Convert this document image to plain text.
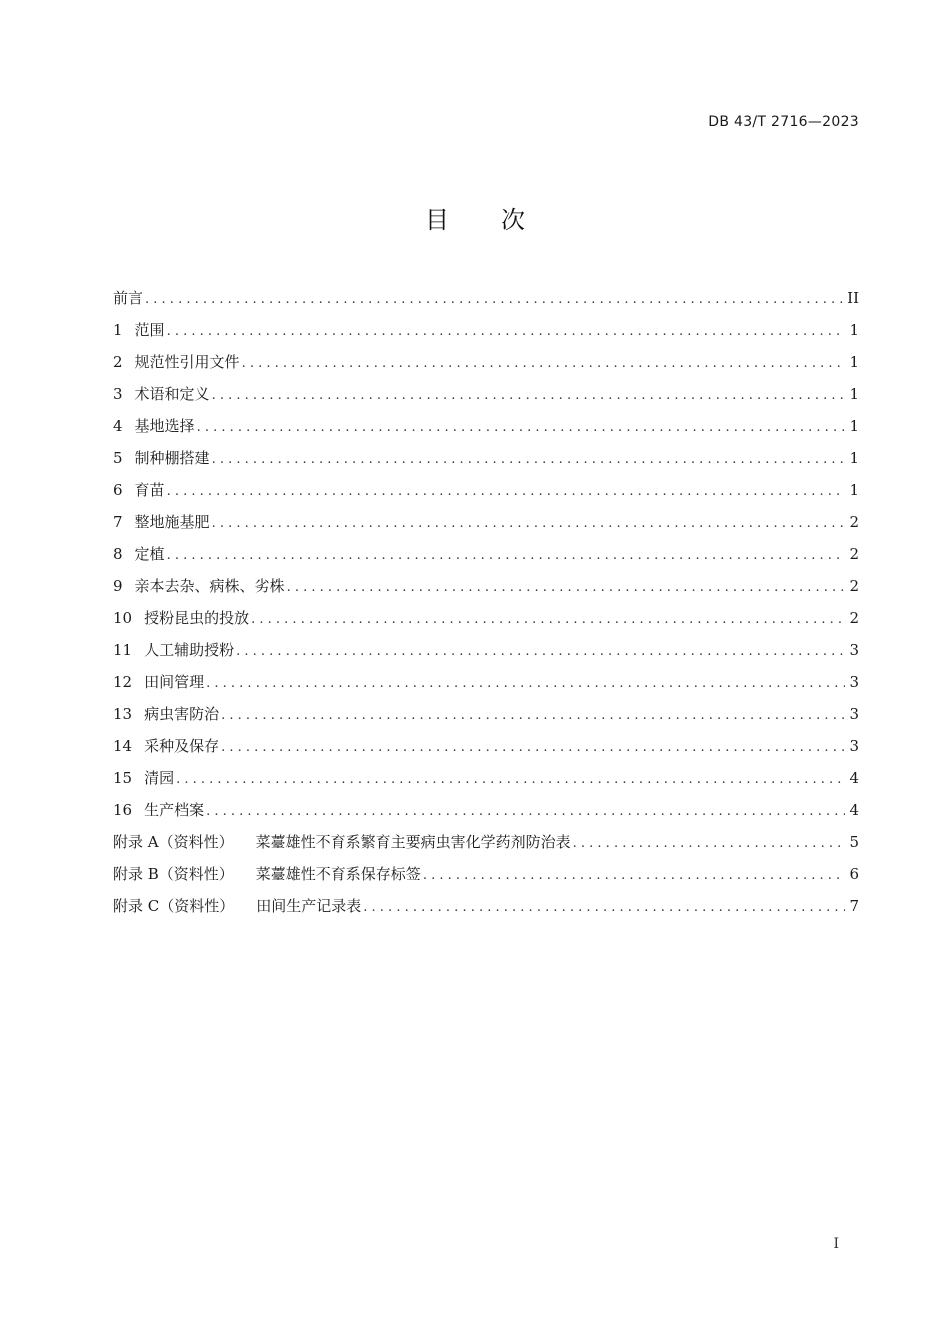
DB 43/T 2716—2023
目次
前言 . . .	II
1 范围 . . .	1
2 规范性引用文件 . . .	1
3 术语和定义 . . .	1
4 基地选择 . . .	1
5 制种棚搭建 . . .	1
6 育苗 . . .	1
7 整地施基肥 . . .	2
8 定植 . . .	2
9 亲本去杂、病株、劣株 . . .	2
10 授粉昆虫的投放 . . .	2
11 人工辅助授粉 . . .	3
12 田间管理 . . .	3
13 病虫害防治 . . .	3
14 采种及保存 . . .	3
15 清园 . . .	4
16 生产档案 . . .	4
附录 A（资料性） 菜薹雄性不育系繁育主要病虫害化学药剂防治表 . . .	5
附录 B（资料性） 菜薹雄性不育系保存标签 . . .	6
附录 C（资料性） 田间生产记录表 . . .	7
I
